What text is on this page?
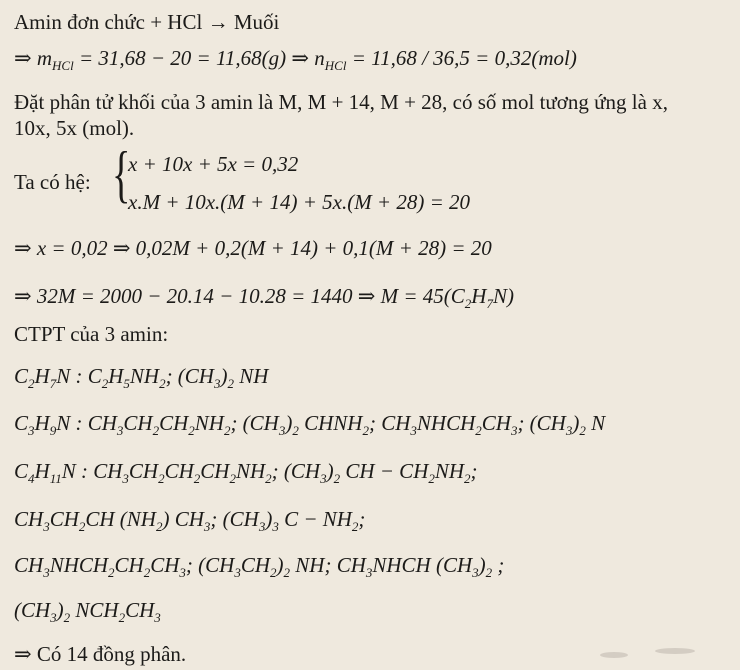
Amin đơn chức + HCl → Muối
⇒ $m_{HCl} = 31,68 - 20 = 11,68(g)$ ⇒ $n_{HCl} = 11,68 / 36,5 = 0,32(mol)$
Đặt phân tử khối của 3 amin là M, M + 14, M + 28, có số mol tương ứng là x,
10x, 5x (mol).
Ta có hệ: {
x + 10x + 5x = 0,32
x.M + 10x.(M + 14) + 5x.(M + 28) = 20
⇒ x = 0,02 ⇒ 0,02M + 0,2(M + 14) + 0,1(M + 28) = 20
⇒ 32M = 2000 − 20.14 − 10.28 = 1440 ⇒ $M = 45(C_2H_7N)$
CTPT của 3 amin:
$C_2H_7N$ : $C_2H_5NH_2$; $(CH_3)_2$ NH
$C_3H_9N$ : $CH_3CH_2CH_2NH_2$; $(CH_3)_2$ $CHNH_2$; $CH_3NHCH_2CH_3$; $(CH_3)_2$ N
$C_4H_{11}N$ : $CH_3CH_2CH_2CH_2NH_2$; $(CH_3)_2$ CH − $CH_2NH_2$;
$CH_3CH_2CH$ $(NH_2)$ $CH_3$; $(CH_3)_3$ $C - NH_2$;
$CH_3NHCH_2CH_2CH_3$; $(CH_3CH_2)_2$ NH; $CH_3NHCH$ $(CH_3)_2$ ;
$(CH_3)_2$ $NCH_2CH_3$
⇒ Có 14 đồng phân.
